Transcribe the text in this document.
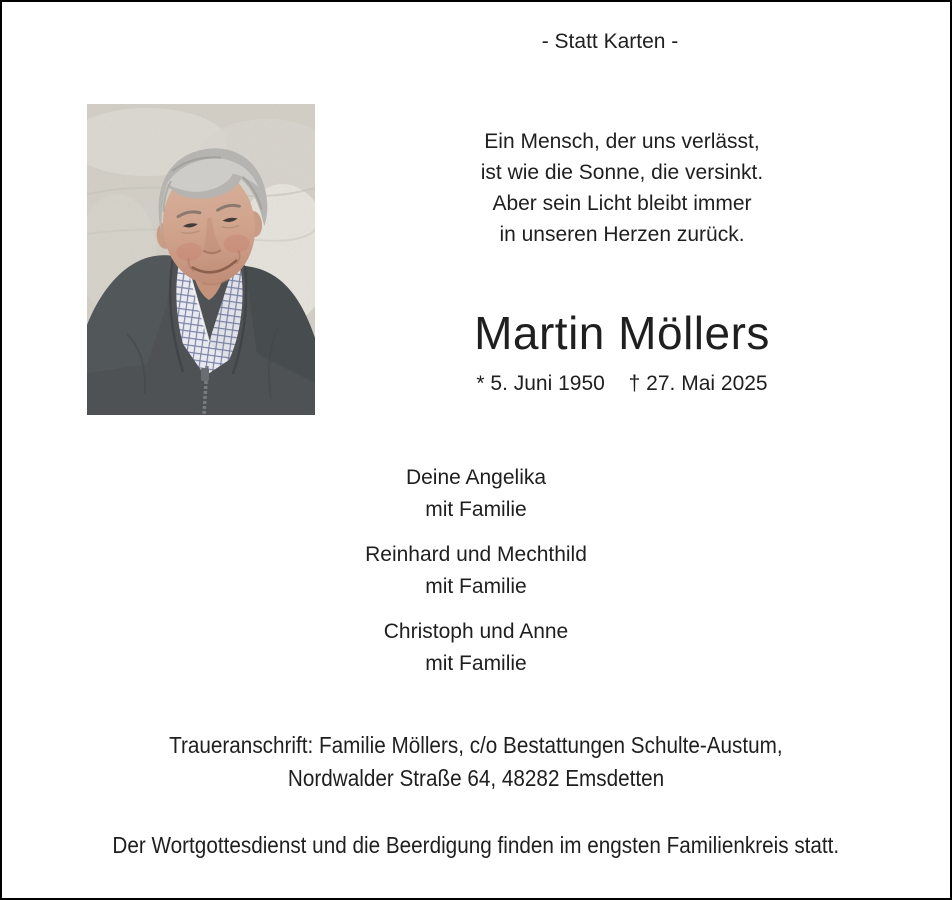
- Statt Karten -
Ein Mensch, der uns verlässt,
ist wie die Sonne, die versinkt.
Aber sein Licht bleibt immer
in unseren Herzen zurück.
Martin Möllers
* 5. Juni 1950 † 27. Mai 2025
Deine Angelika
mit Familie
Reinhard und Mechthild
mit Familie
Christoph und Anne
mit Familie
Traueranschrift: Familie Möllers, c/o Bestattungen Schulte-Austum,
Nordwalder Straße 64, 48282 Emsdetten
Der Wortgottesdienst und die Beerdigung finden im engsten Familienkreis statt.
